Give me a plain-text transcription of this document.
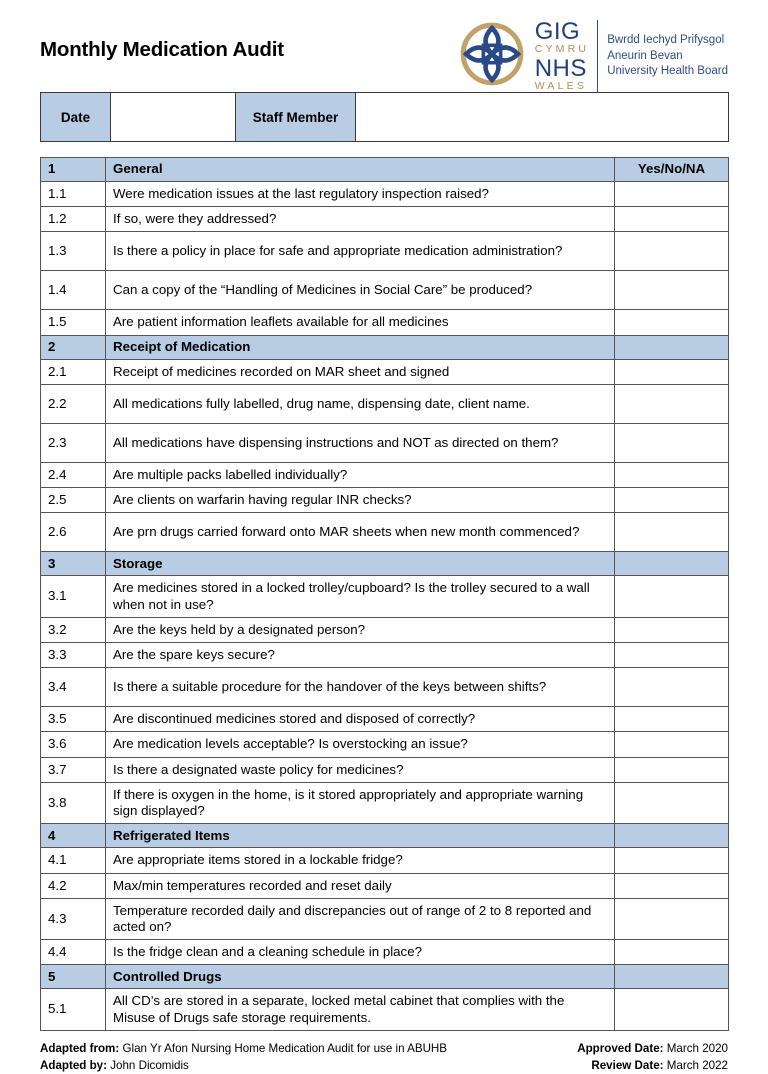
Monthly Medication Audit
GIG
CYMRU
NHS
WALES
Bwrdd Iechyd Prifysgol
Aneurin Bevan
University Health Board
Date		Staff Member	
1	General	Yes/No/NA
1.1	Were medication issues at the last regulatory inspection raised?	
1.2	If so, were they addressed?	
1.3	Is there a policy in place for safe and appropriate medication administration?	
1.4	Can a copy of the “Handling of Medicines in Social Care” be produced?	
1.5	Are patient information leaflets available for all medicines	
2	Receipt of Medication	
2.1	Receipt of medicines recorded on MAR sheet and signed	
2.2	All medications fully labelled, drug name, dispensing date, client name.	
2.3	All medications have dispensing instructions and NOT as directed on them?	
2.4	Are multiple packs labelled individually?	
2.5	Are clients on warfarin having regular INR checks?	
2.6	Are prn drugs carried forward onto MAR sheets when new month commenced?	
3	Storage	
3.1	Are medicines stored in a locked trolley/cupboard? Is the trolley secured to a wall when not in use?	
3.2	Are the keys held by a designated person?	
3.3	Are the spare keys secure?	
3.4	Is there a suitable procedure for the handover of the keys between shifts?	
3.5	Are discontinued medicines stored and disposed of correctly?	
3.6	Are medication levels acceptable? Is overstocking an issue?	
3.7	Is there a designated waste policy for medicines?	
3.8	If there is oxygen in the home, is it stored appropriately and appropriate warning sign displayed?	
4	Refrigerated Items	
4.1	Are appropriate items stored in a lockable fridge?	
4.2	Max/min temperatures recorded and reset daily	
4.3	Temperature recorded daily and discrepancies out of range of 2 to 8 reported and acted on?	
4.4	Is the fridge clean and a cleaning schedule in place?	
5	Controlled Drugs	
5.1	All CD’s are stored in a separate, locked metal cabinet that complies with the Misuse of Drugs safe storage requirements.	
Adapted from: Glan Yr Afon Nursing Home Medication Audit for use in ABUHB
Adapted by: John Dicomidis
Approved Date: March 2020
Review Date: March 2022
